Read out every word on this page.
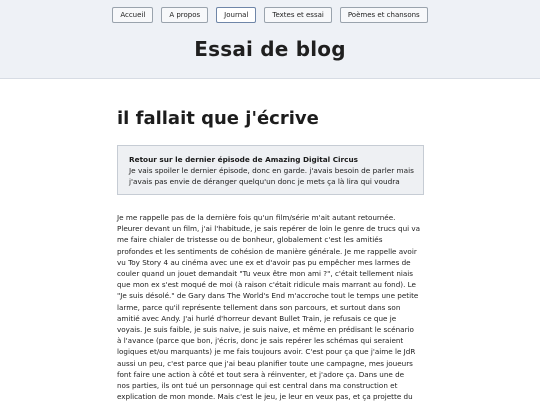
Accueil	A propos	Journal	Textes et essai	Poèmes et chansons
Essai de blog
il fallait que j'écrive
Retour sur le dernier épisode de Amazing Digital Circus
Je vais spoiler le dernier épisode, donc en garde. j'avais besoin de parler mais
j'avais pas envie de déranger quelqu'un donc je mets ça là lira qui voudra
Je me rappelle pas de la dernière fois qu'un film/série m'ait autant retournée.
Pleurer devant un film, j'ai l'habitude, je sais repérer de loin le genre de trucs qui va
me faire chialer de tristesse ou de bonheur, globalement c'est les amitiés
profondes et les sentiments de cohésion de manière générale. Je me rappelle avoir
vu Toy Story 4 au cinéma avec une ex et d'avoir pas pu empêcher mes larmes de
couler quand un jouet demandait "Tu veux être mon ami ?", c'était tellement niais
que mon ex s'est moqué de moi (à raison c'était ridicule mais marrant au fond). Le
"Je suis désolé." de Gary dans The World's End m'accroche tout le temps une petite
larme, parce qu'il représente tellement dans son parcours, et surtout dans son
amitié avec Andy. J'ai hurlé d'horreur devant Bullet Train, je refusais ce que je
voyais. Je suis faible, je suis naive, je suis naive, et même en prédisant le scénario
à l'avance (parce que bon, j'écris, donc je sais repérer les schémas qui seraient
logiques et/ou marquants) je me fais toujours avoir. C'est pour ça que j'aime le JdR
aussi un peu, c'est parce que j'ai beau planifier toute une campagne, mes joueurs
font faire une action à côté et tout sera à réinventer, et j'adore ça. Dans une de
nos parties, ils ont tué un personnage qui est central dans ma construction et
explication de mon monde. Mais c'est le jeu, je leur en veux pas, et ça projette du
